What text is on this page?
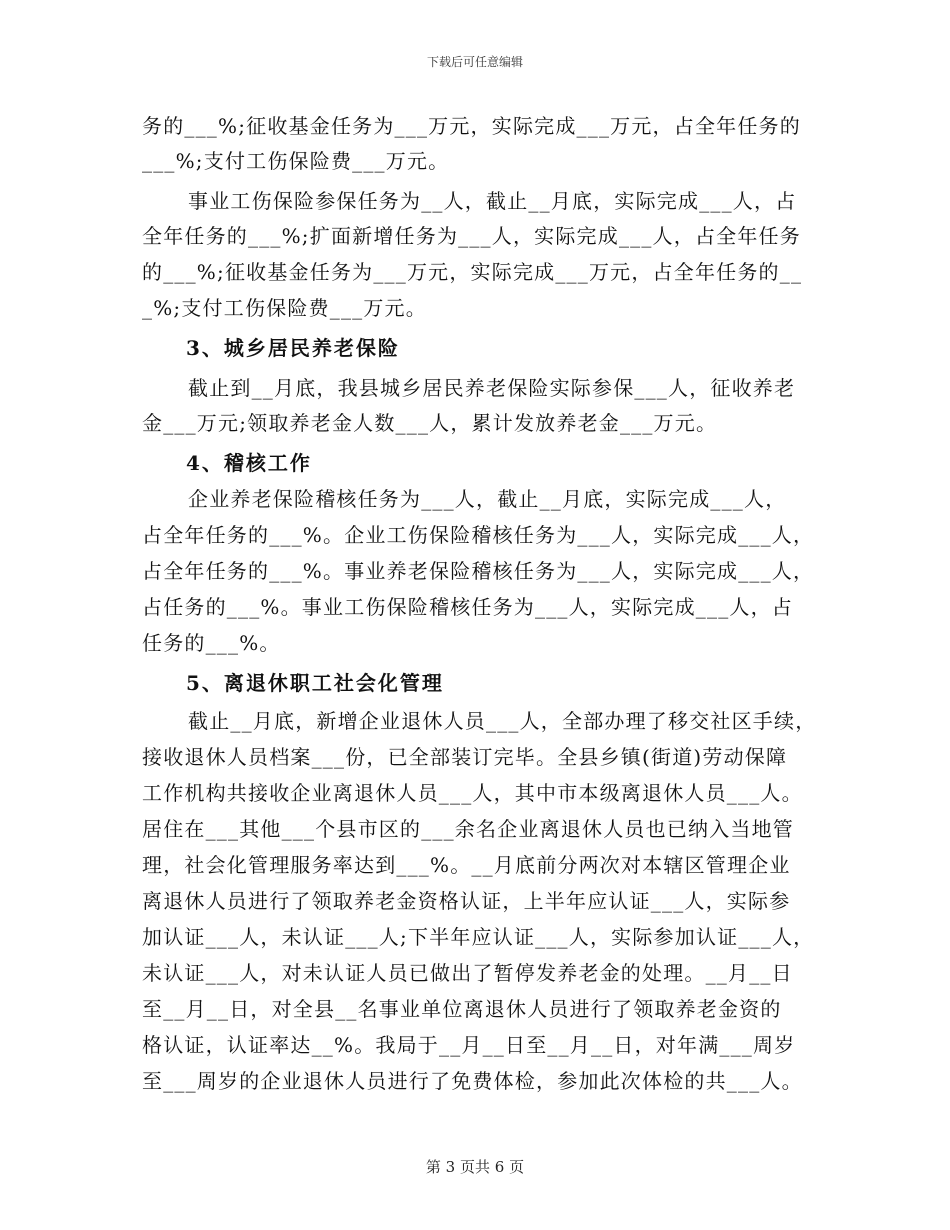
下载后可任意编辑
务的___%;征收基金任务为___万元，实际完成___万元，占全年任务的
___%;支付工伤保险费___万元。
事业工伤保险参保任务为__人，截止__月底，实际完成___人，占
全年任务的___%;扩面新增任务为___人，实际完成___人，占全年任务
的___%;征收基金任务为___万元，实际完成___万元，占全年任务的__
_%;支付工伤保险费___万元。
3、城乡居民养老保险
截止到__月底，我县城乡居民养老保险实际参保___人，征收养老
金___万元;领取养老金人数___人，累计发放养老金___万元。
4、稽核工作
企业养老保险稽核任务为___人，截止__月底，实际完成___人，
占全年任务的___%。企业工伤保险稽核任务为___人，实际完成___人，
占全年任务的___%。事业养老保险稽核任务为___人，实际完成___人，
占任务的___%。事业工伤保险稽核任务为___人，实际完成___人，占
任务的___%。
5、离退休职工社会化管理
截止__月底，新增企业退休人员___人，全部办理了移交社区手续，
接收退休人员档案___份，已全部装订完毕。全县乡镇(街道)劳动保障
工作机构共接收企业离退休人员___人，其中市本级离退休人员___人。
居住在___其他___个县市区的___余名企业离退休人员也已纳入当地管
理，社会化管理服务率达到___%。__月底前分两次对本辖区管理企业
离退休人员进行了领取养老金资格认证，上半年应认证___人，实际参
加认证___人，未认证___人;下半年应认证___人，实际参加认证___人，
未认证___人，对未认证人员已做出了暂停发养老金的处理。__月__日
至__月__日，对全县__名事业单位离退休人员进行了领取养老金资的
格认证，认证率达__%。我局于__月__日至__月__日，对年满___周岁
至___周岁的企业退休人员进行了免费体检，参加此次体检的共___人。
第 3 页共 6 页
